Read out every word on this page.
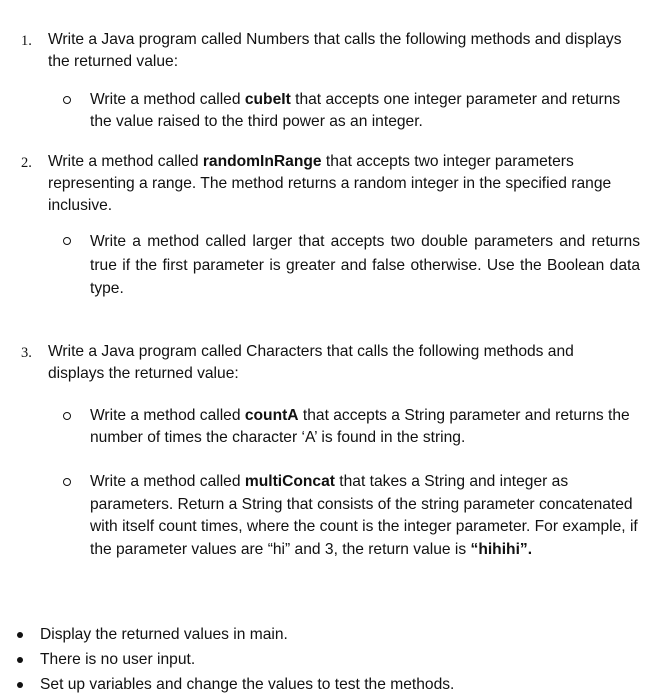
1. Write a Java program called Numbers that calls the following methods and displays the returned value:
Write a method called cubeIt that accepts one integer parameter and returns the value raised to the third power as an integer.
2. Write a method called randomInRange that accepts two integer parameters representing a range. The method returns a random integer in the specified range inclusive.
Write a method called larger that accepts two double parameters and returns true if the first parameter is greater and false otherwise. Use the Boolean data type.
3. Write a Java program called Characters that calls the following methods and displays the returned value:
Write a method called countA that accepts a String parameter and returns the number of times the character ‘A’ is found in the string.
Write a method called multiConcat that takes a String and integer as parameters. Return a String that consists of the string parameter concatenated with itself count times, where the count is the integer parameter. For example, if the parameter values are “hi” and 3, the return value is “hihihi”.
Display the returned values in main.
There is no user input.
Set up variables and change the values to test the methods.
